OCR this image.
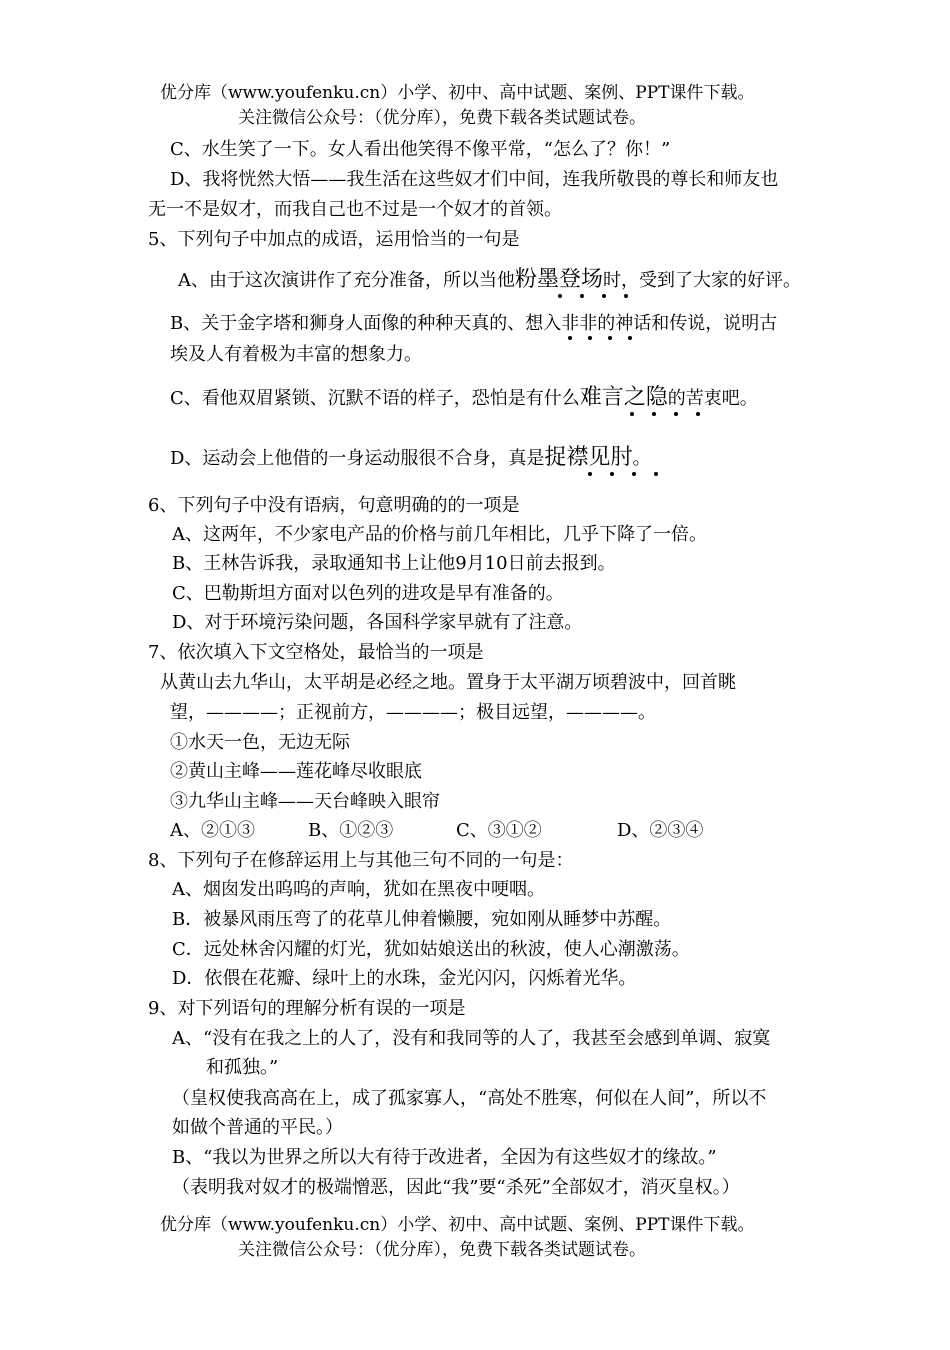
优分库（www.youfenku.cn）小学、初中、高中试题、案例、PPT课件下载。
关注微信公众号：（优分库），免费下载各类试题试卷。
C、水生笑了一下。女人看出他笑得不像平常，“怎么了？你！”
D、我将恍然大悟——我生活在这些奴才们中间，连我所敬畏的尊长和师友也
无一不是奴才，而我自己也不过是一个奴才的首领。
5、下列句子中加点的成语，运用恰当的一句是
A、由于这次演讲作了充分准备，所以当他粉墨登场时，受到了大家的好评。
B、关于金字塔和狮身人面像的种种天真的、想入非非的神话和传说，说明古
埃及人有着极为丰富的想象力。
C、看他双眉紧锁、沉默不语的样子，恐怕是有什么难言之隐的苦衷吧。
D、运动会上他借的一身运动服很不合身，真是捉襟见肘。
6、下列句子中没有语病，句意明确的的一项是
A、这两年，不少家电产品的价格与前几年相比，几乎下降了一倍。
B、王林告诉我，录取通知书上让他9月10日前去报到。
C、巴勒斯坦方面对以色列的进攻是早有准备的。
D、对于环境污染问题，各国科学家早就有了注意。
7、依次填入下文空格处，最恰当的一项是
从黄山去九华山，太平胡是必经之地。置身于太平湖万顷碧波中，回首眺
望，————；正视前方，————；极目远望，————。
①水天一色，无边无际
②黄山主峰——莲花峰尽收眼底
③九华山主峰——天台峰映入眼帘
A、②①③	B、①②③	C、③①②	D、②③④
8、下列句子在修辞运用上与其他三句不同的一句是：
A、烟囱发出呜呜的声响，犹如在黑夜中哽咽。
B．被暴风雨压弯了的花草儿伸着懒腰，宛如刚从睡梦中苏醒。
C．远处林舍闪耀的灯光，犹如姑娘送出的秋波，使人心潮激荡。
D．依偎在花瓣、绿叶上的水珠，金光闪闪，闪烁着光华。
9、对下列语句的理解分析有误的一项是
A、“没有在我之上的人了，没有和我同等的人了，我甚至会感到单调、寂寞
和孤独。”
（皇权使我高高在上，成了孤家寡人，“高处不胜寒，何似在人间”，所以不
如做个普通的平民。）
B、“我以为世界之所以大有待于改进者，全因为有这些奴才的缘故。”
（表明我对奴才的极端憎恶，因此“我”要“杀死”全部奴才，消灭皇权。）
优分库（www.youfenku.cn）小学、初中、高中试题、案例、PPT课件下载。
关注微信公众号：（优分库），免费下载各类试题试卷。
